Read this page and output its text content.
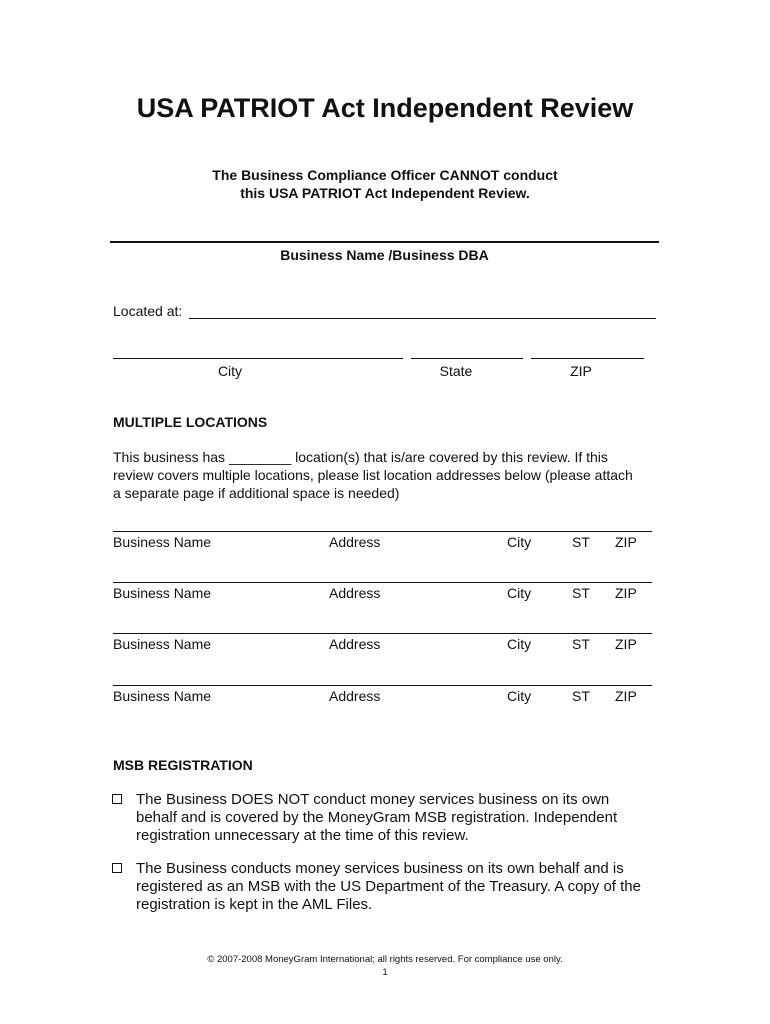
USA PATRIOT Act Independent Review
The Business Compliance Officer CANNOT conduct
this USA PATRIOT Act Independent Review.
Business Name /Business DBA
Located at:
City	State	ZIP
MULTIPLE LOCATIONS
This business has ________ location(s) that is/are covered by this review. If this
review covers multiple locations, please list location addresses below (please attach
a separate page if additional space is needed)
Business Name	Address	City	ST ZIP
Business Name	Address	City	ST ZIP
Business Name	Address	City	ST ZIP
Business Name	Address	City	ST ZIP
MSB REGISTRATION
The Business DOES NOT conduct money services business on its own
behalf and is covered by the MoneyGram MSB registration. Independent
registration unnecessary at the time of this review.
The Business conducts money services business on its own behalf and is
registered as an MSB with the US Department of the Treasury. A copy of the
registration is kept in the AML Files.
© 2007-2008 MoneyGram International; all rights reserved. For compliance use only.
1
